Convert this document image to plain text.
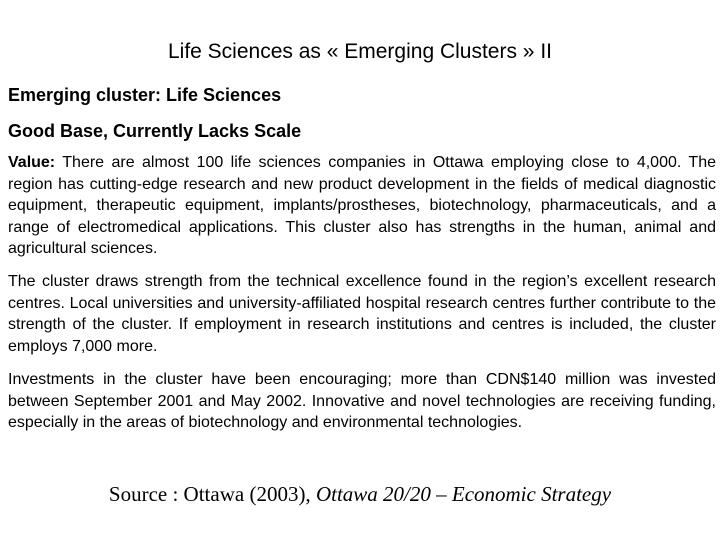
Life Sciences as « Emerging Clusters » II
Emerging cluster: Life Sciences
Good Base, Currently Lacks Scale
Value: There are almost 100 life sciences companies in Ottawa employing close to 4,000. The region has cutting-edge research and new product development in the fields of medical diagnostic equipment, therapeutic equipment, implants/prostheses, biotechnology, pharmaceuticals, and a range of electromedical applications. This cluster also has strengths in the human, animal and agricultural sciences.
The cluster draws strength from the technical excellence found in the region’s excellent research centres. Local universities and university-affiliated hospital research centres further contribute to the strength of the cluster. If employment in research institutions and centres is included, the cluster employs 7,000 more.
Investments in the cluster have been encouraging; more than CDN$140 million was invested between September 2001 and May 2002. Innovative and novel technologies are receiving funding, especially in the areas of biotechnology and environmental technologies.
Source : Ottawa (2003), Ottawa 20/20 – Economic Strategy
